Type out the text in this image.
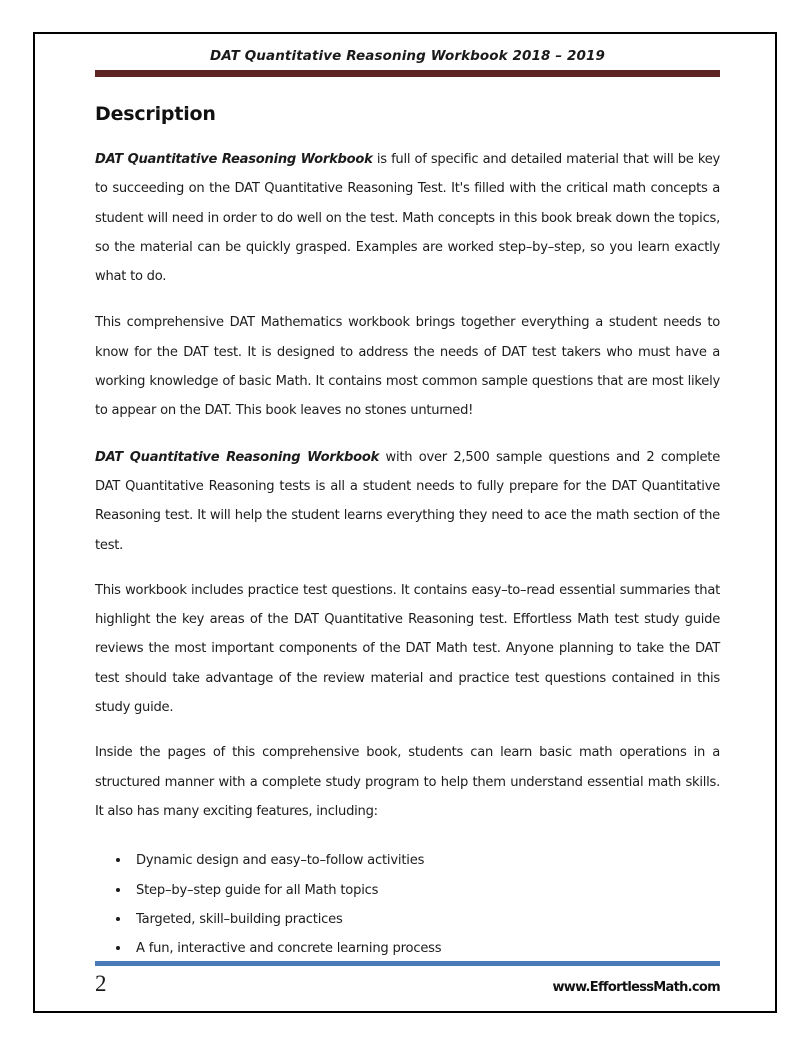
DAT Quantitative Reasoning Workbook 2018 – 2019
Description

DAT Quantitative Reasoning Workbook is full of specific and detailed material that will be key to succeeding on the DAT Quantitative Reasoning Test. It's filled with the critical math concepts a student will need in order to do well on the test. Math concepts in this book break down the topics, so the material can be quickly grasped. Examples are worked step–by–step, so you learn exactly what to do.

This comprehensive DAT Mathematics workbook brings together everything a student needs to know for the DAT test. It is designed to address the needs of DAT test takers who must have a working knowledge of basic Math. It contains most common sample questions that are most likely to appear on the DAT. This book leaves no stones unturned!

DAT Quantitative Reasoning Workbook with over 2,500 sample questions and 2 complete DAT Quantitative Reasoning tests is all a student needs to fully prepare for the DAT Quantitative Reasoning test. It will help the student learns everything they need to ace the math section of the test.

This workbook includes practice test questions. It contains easy–to–read essential summaries that highlight the key areas of the DAT Quantitative Reasoning test. Effortless Math test study guide reviews the most important components of the DAT Math test. Anyone planning to take the DAT test should take advantage of the review material and practice test questions contained in this study guide.

Inside the pages of this comprehensive book, students can learn basic math operations in a structured manner with a complete study program to help them understand essential math skills. It also has many exciting features, including:

Dynamic design and easy–to–follow activities
Step–by–step guide for all Math topics
Targeted, skill–building practices
A fun, interactive and concrete learning process
2	www.EffortlessMath.com
